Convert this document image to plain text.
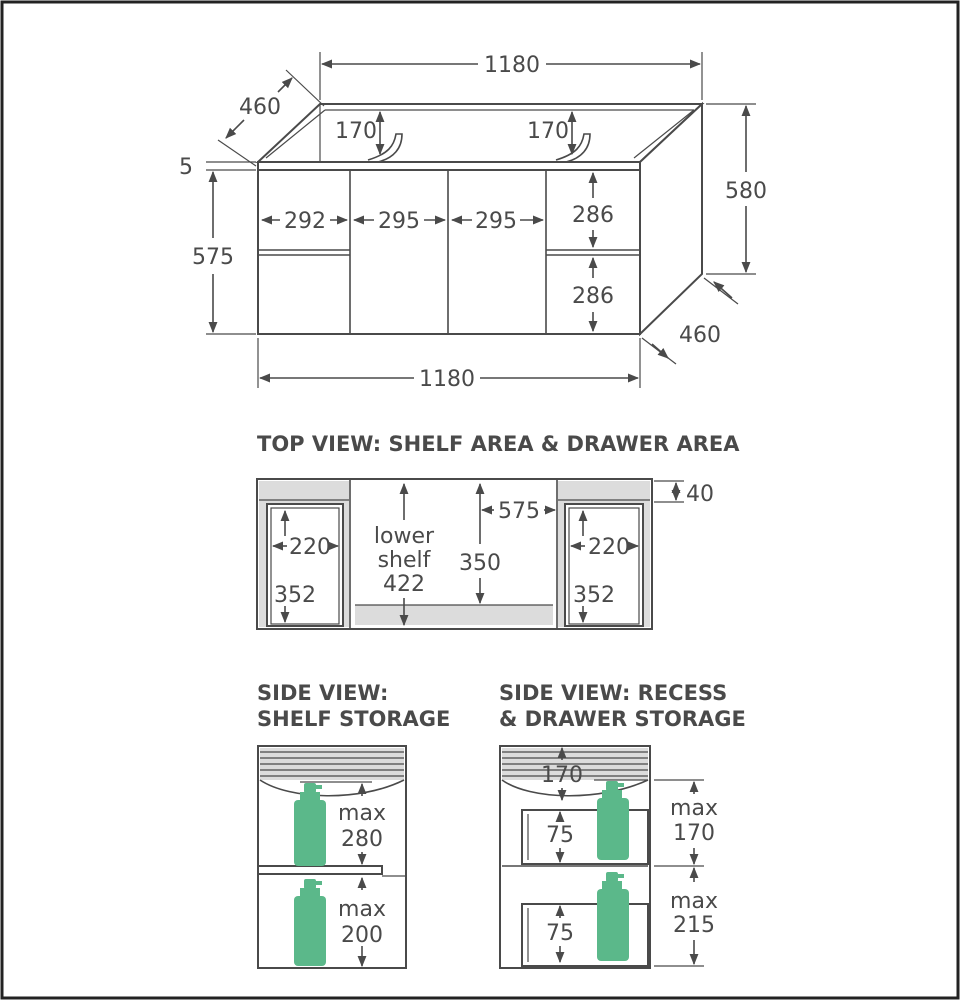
1180
460
5
575
170	170
580
460
1180
292 295	295	286
286
TOP VIEW: SHELF AREA & DRAWER AREA
40
575
lower
shelf
422
350
220
352
220
352
SIDE VIEW:
SHELF STORAGE
max
280
max
200
SIDE VIEW: RECESS
& DRAWER STORAGE
170
75
75
max
170
max
215
